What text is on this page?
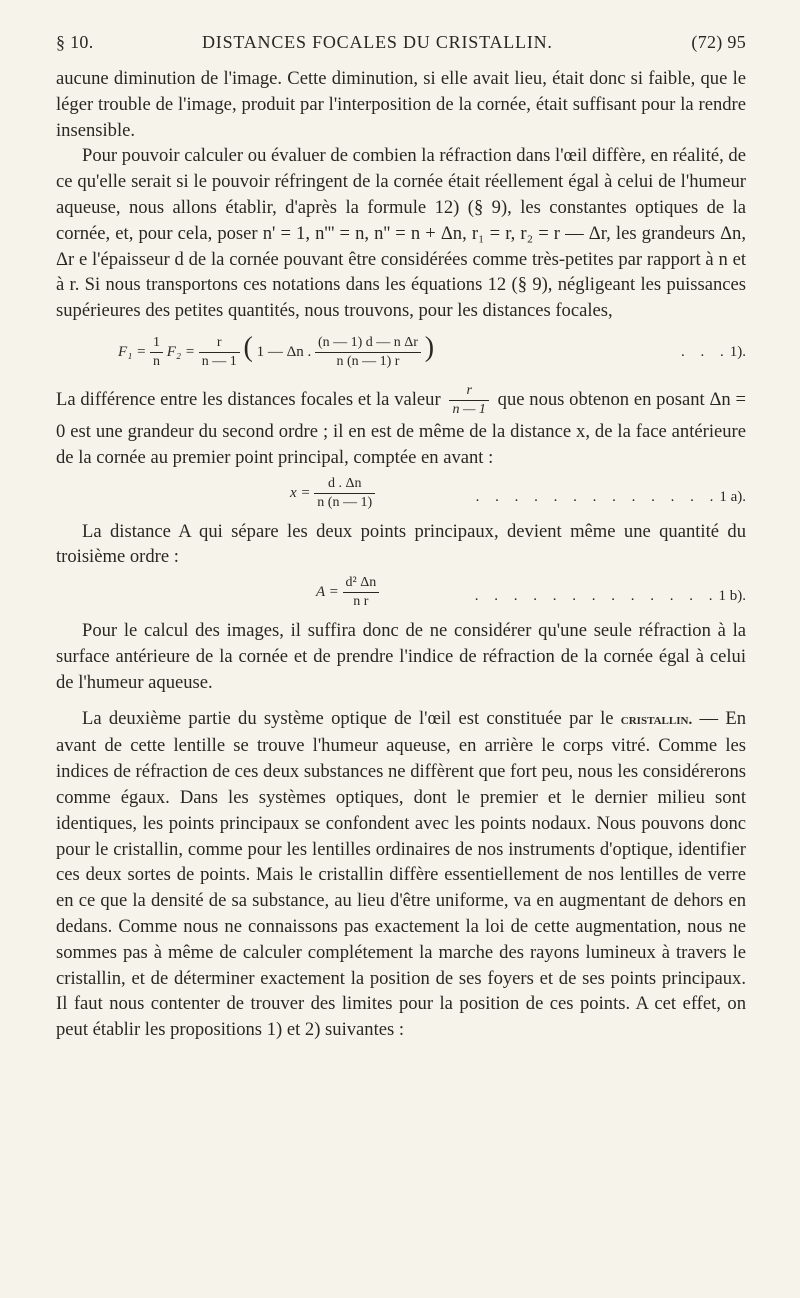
§ 10.	DISTANCES FOCALES DU CRISTALLIN.	(72) 95

aucune diminution de l'image. Cette diminution, si elle avait lieu, était donc si faible, que le léger trouble de l'image, produit par l'interposition de la cornée, était suffisant pour la rendre insensible.

Pour pouvoir calculer ou évaluer de combien la réfraction dans l'œil diffère, en réalité, de ce qu'elle serait si le pouvoir réfringent de la cornée était réellement égal à celui de l'humeur aqueuse, nous allons établir, d'après la formule 12) (§ 9), les constantes optiques de la cornée, et, pour cela, poser n' = 1, n''' = n, n'' = n + Δn, r₁ = r, r₂ = r — Δr, les grandeurs Δn, Δr e l'épaisseur d de la cornée pouvant être considérées comme très-petites par rapport à n et à r. Si nous transportons ces notations dans les équations 12 (§ 9), négligeant les puissances supérieures des petites quantités, nous trouvons, pour les distances focales,

$F_1 = \frac{1}{n} F_2 = \frac{r}{n — 1}$ ( 1 — Δn . $\frac{\text{(n — 1) d — n Δr}}{n (n — 1) r}$ )	. . .1).

La différence entre les distances focales et la valeur $\frac{r}{n — 1}$ que nous obtenon en posant Δn = 0 est une grandeur du second ordre ; il en est de même de la distance x, de la face antérieure de la cornée au premier point principal, comptée en avant :

$x = \frac{d . \Delta n}{n (n — 1)}$	. . . . . . . . . . . . .1 a).

La distance A qui sépare les deux points principaux, devient même une quantité du troisième ordre :

$A = \frac{\text{d² Δn}}{\text{n r}}$	. . . . . . . . . . . . .1 b).

Pour le calcul des images, il suffira donc de ne considérer qu'une seule réfraction à la surface antérieure de la cornée et de prendre l'indice de réfraction de la cornée égal à celui de l'humeur aqueuse.

La deuxième partie du système optique de l'œil est constituée par le cristallin. — En avant de cette lentille se trouve l'humeur aqueuse, en arrière le corps vitré. Comme les indices de réfraction de ces deux substances ne diffèrent que fort peu, nous les considérerons comme égaux. Dans les systèmes optiques, dont le premier et le dernier milieu sont identiques, les points principaux se confondent avec les points nodaux. Nous pouvons donc pour le cristallin, comme pour les lentilles ordinaires de nos instruments d'optique, identifier ces deux sortes de points. Mais le cristallin diffère essentiellement de nos lentilles de verre en ce que la densité de sa substance, au lieu d'être uniforme, va en augmentant de dehors en dedans. Comme nous ne connaissons pas exactement la loi de cette augmentation, nous ne sommes pas à même de calculer complétement la marche des rayons lumineux à travers le cristallin, et de déterminer exactement la position de ses foyers et de ses points principaux. Il faut nous contenter de trouver des limites pour la position de ces points. A cet effet, on peut établir les propositions 1) et 2) suivantes :
